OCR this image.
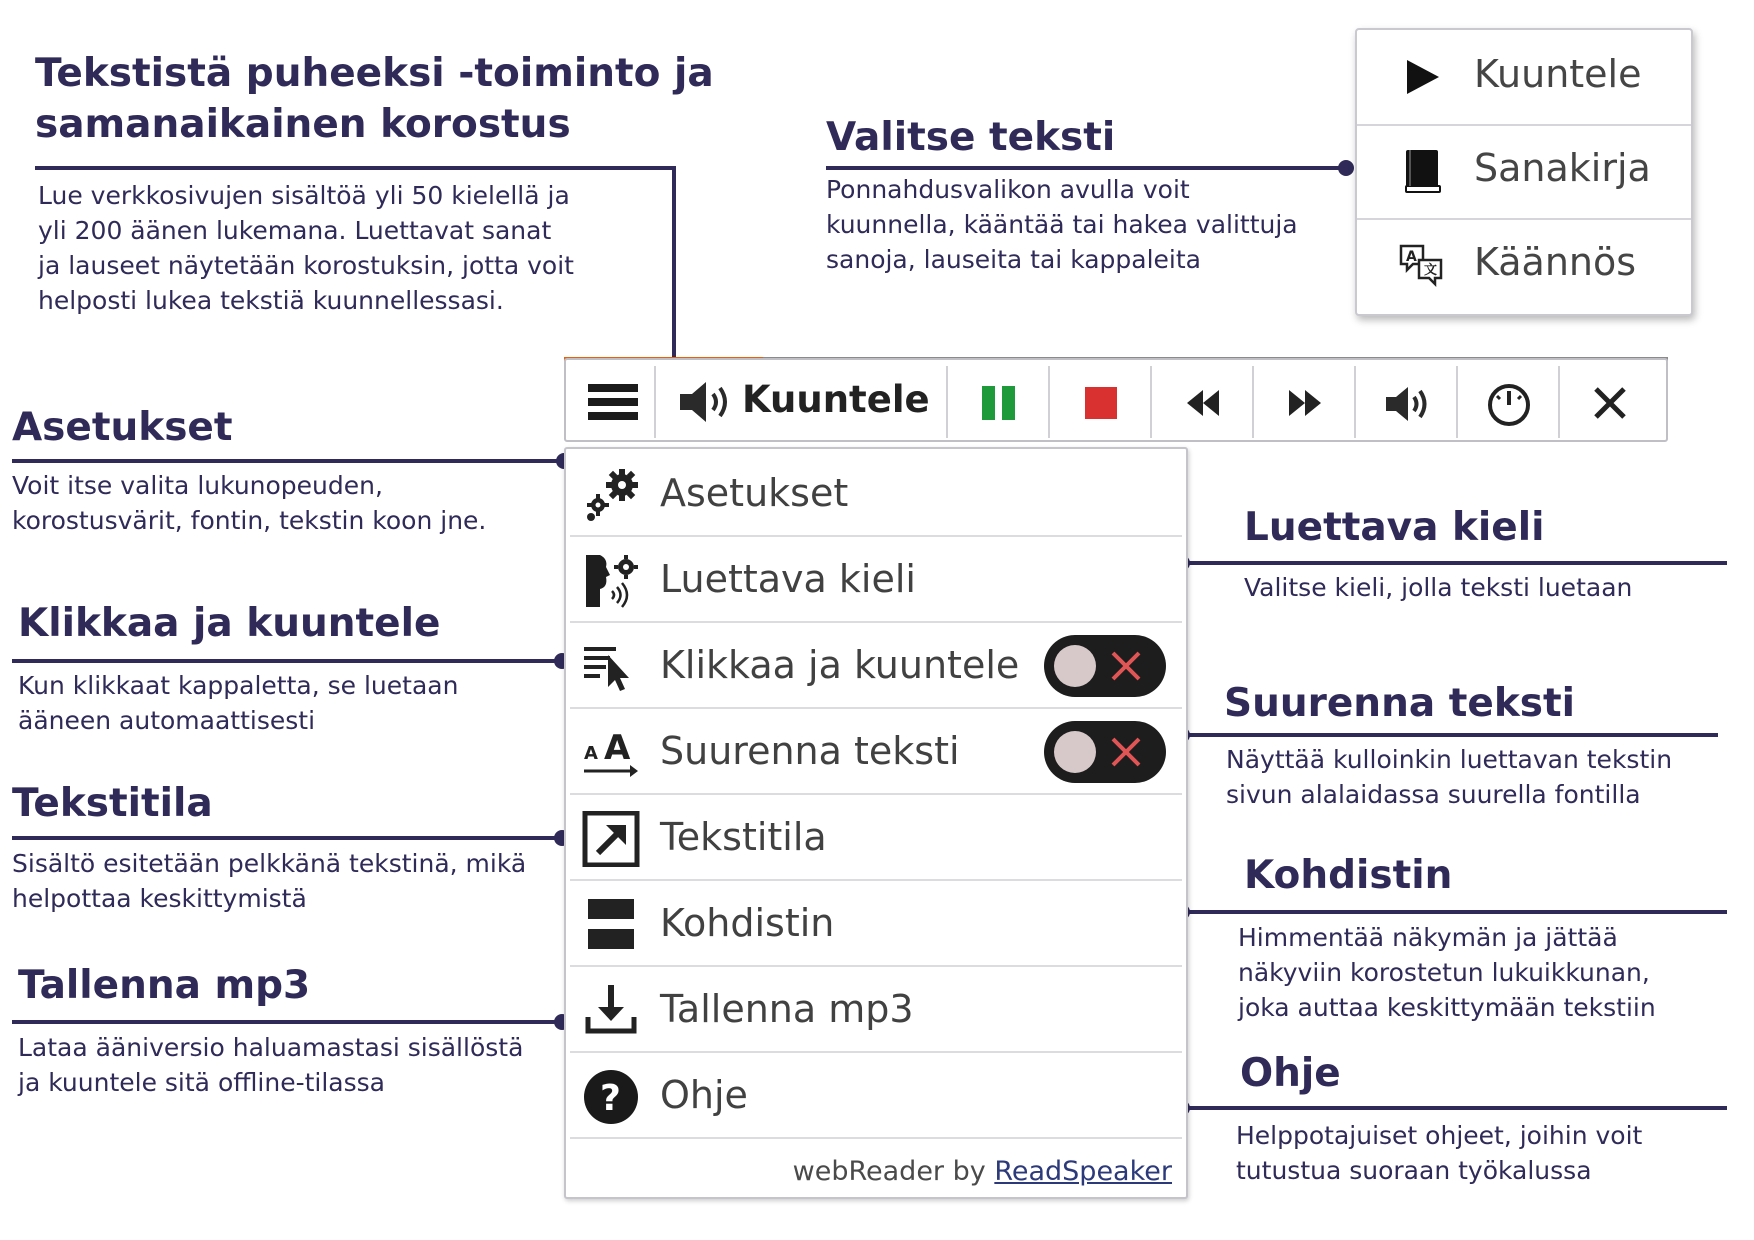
Tekstistä puheeksi -toiminto ja
samanaikainen korostus
Lue verkkosivujen sisältöä yli 50 kielellä ja
yli 200 äänen lukemana. Luettavat sanat
ja lauseet näytetään korostuksin, jotta voit
helposti lukea tekstiä kuunnellessasi.
Valitse teksti
Ponnahdusvalikon avulla voit
kuunnella, kääntää tai hakea valittuja
sanoja, lauseita tai kappaleita
Kuuntele
Sanakirja
A
文 Käännös
Kuuntele
Asetukset
Voit itse valita lukunopeuden,
korostusvärit, fontin, tekstin koon jne.
Klikkaa ja kuuntele
Kun klikkaat kappaletta, se luetaan
ääneen automaattisesti
Tekstitila
Sisältö esitetään pelkkänä tekstinä, mikä
helpottaa keskittymistä
Tallenna mp3
Lataa ääniversio haluamastasi sisällöstä
ja kuuntele sitä offline-tilassa
Luettava kieli
Valitse kieli, jolla teksti luetaan
Suurenna teksti
Näyttää kulloinkin luettavan tekstin
sivun alalaidassa suurella fontilla
Kohdistin
Himmentää näkymän ja jättää
näkyviin korostetun lukuikkunan,
joka auttaa keskittymään tekstiin
Ohje
Helppotajuiset ohjeet, joihin voit
tutustua suoraan työkalussa
Asetukset
Luettava kieli
Klikkaa ja kuuntele
A A Suurenna teksti
Tekstitila
Kohdistin
Tallenna mp3
? Ohje
webReader by ReadSpeaker
